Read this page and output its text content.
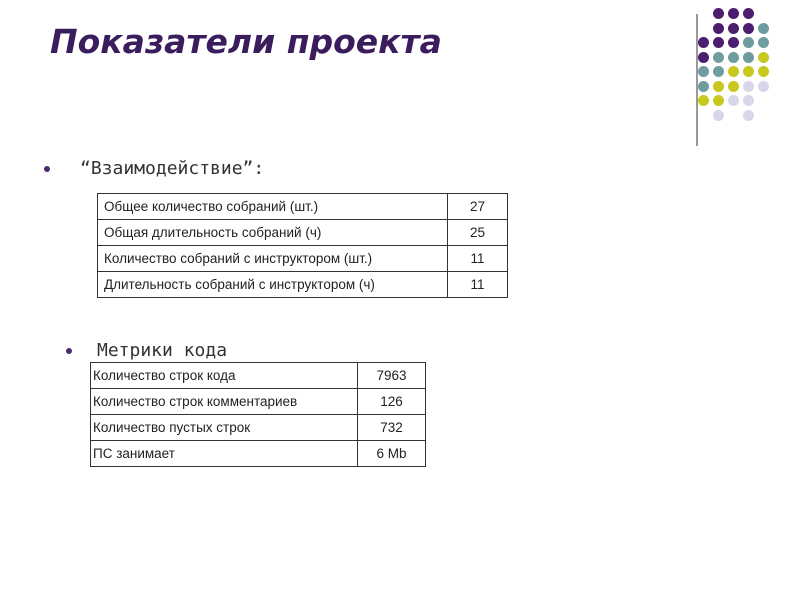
Показатели проекта
“Взаимодействие”:
Общее количество собраний (шт.)	27
Общая длительность собраний (ч)	25
Количество собраний с инструктором (шт.)	11
Длительность собраний с инструктором (ч)	11
Метрики кода
Количество строк кода	7963
Количество строк комментариев	126
Количество пустых строк	732
ПС занимает	6 Mb
